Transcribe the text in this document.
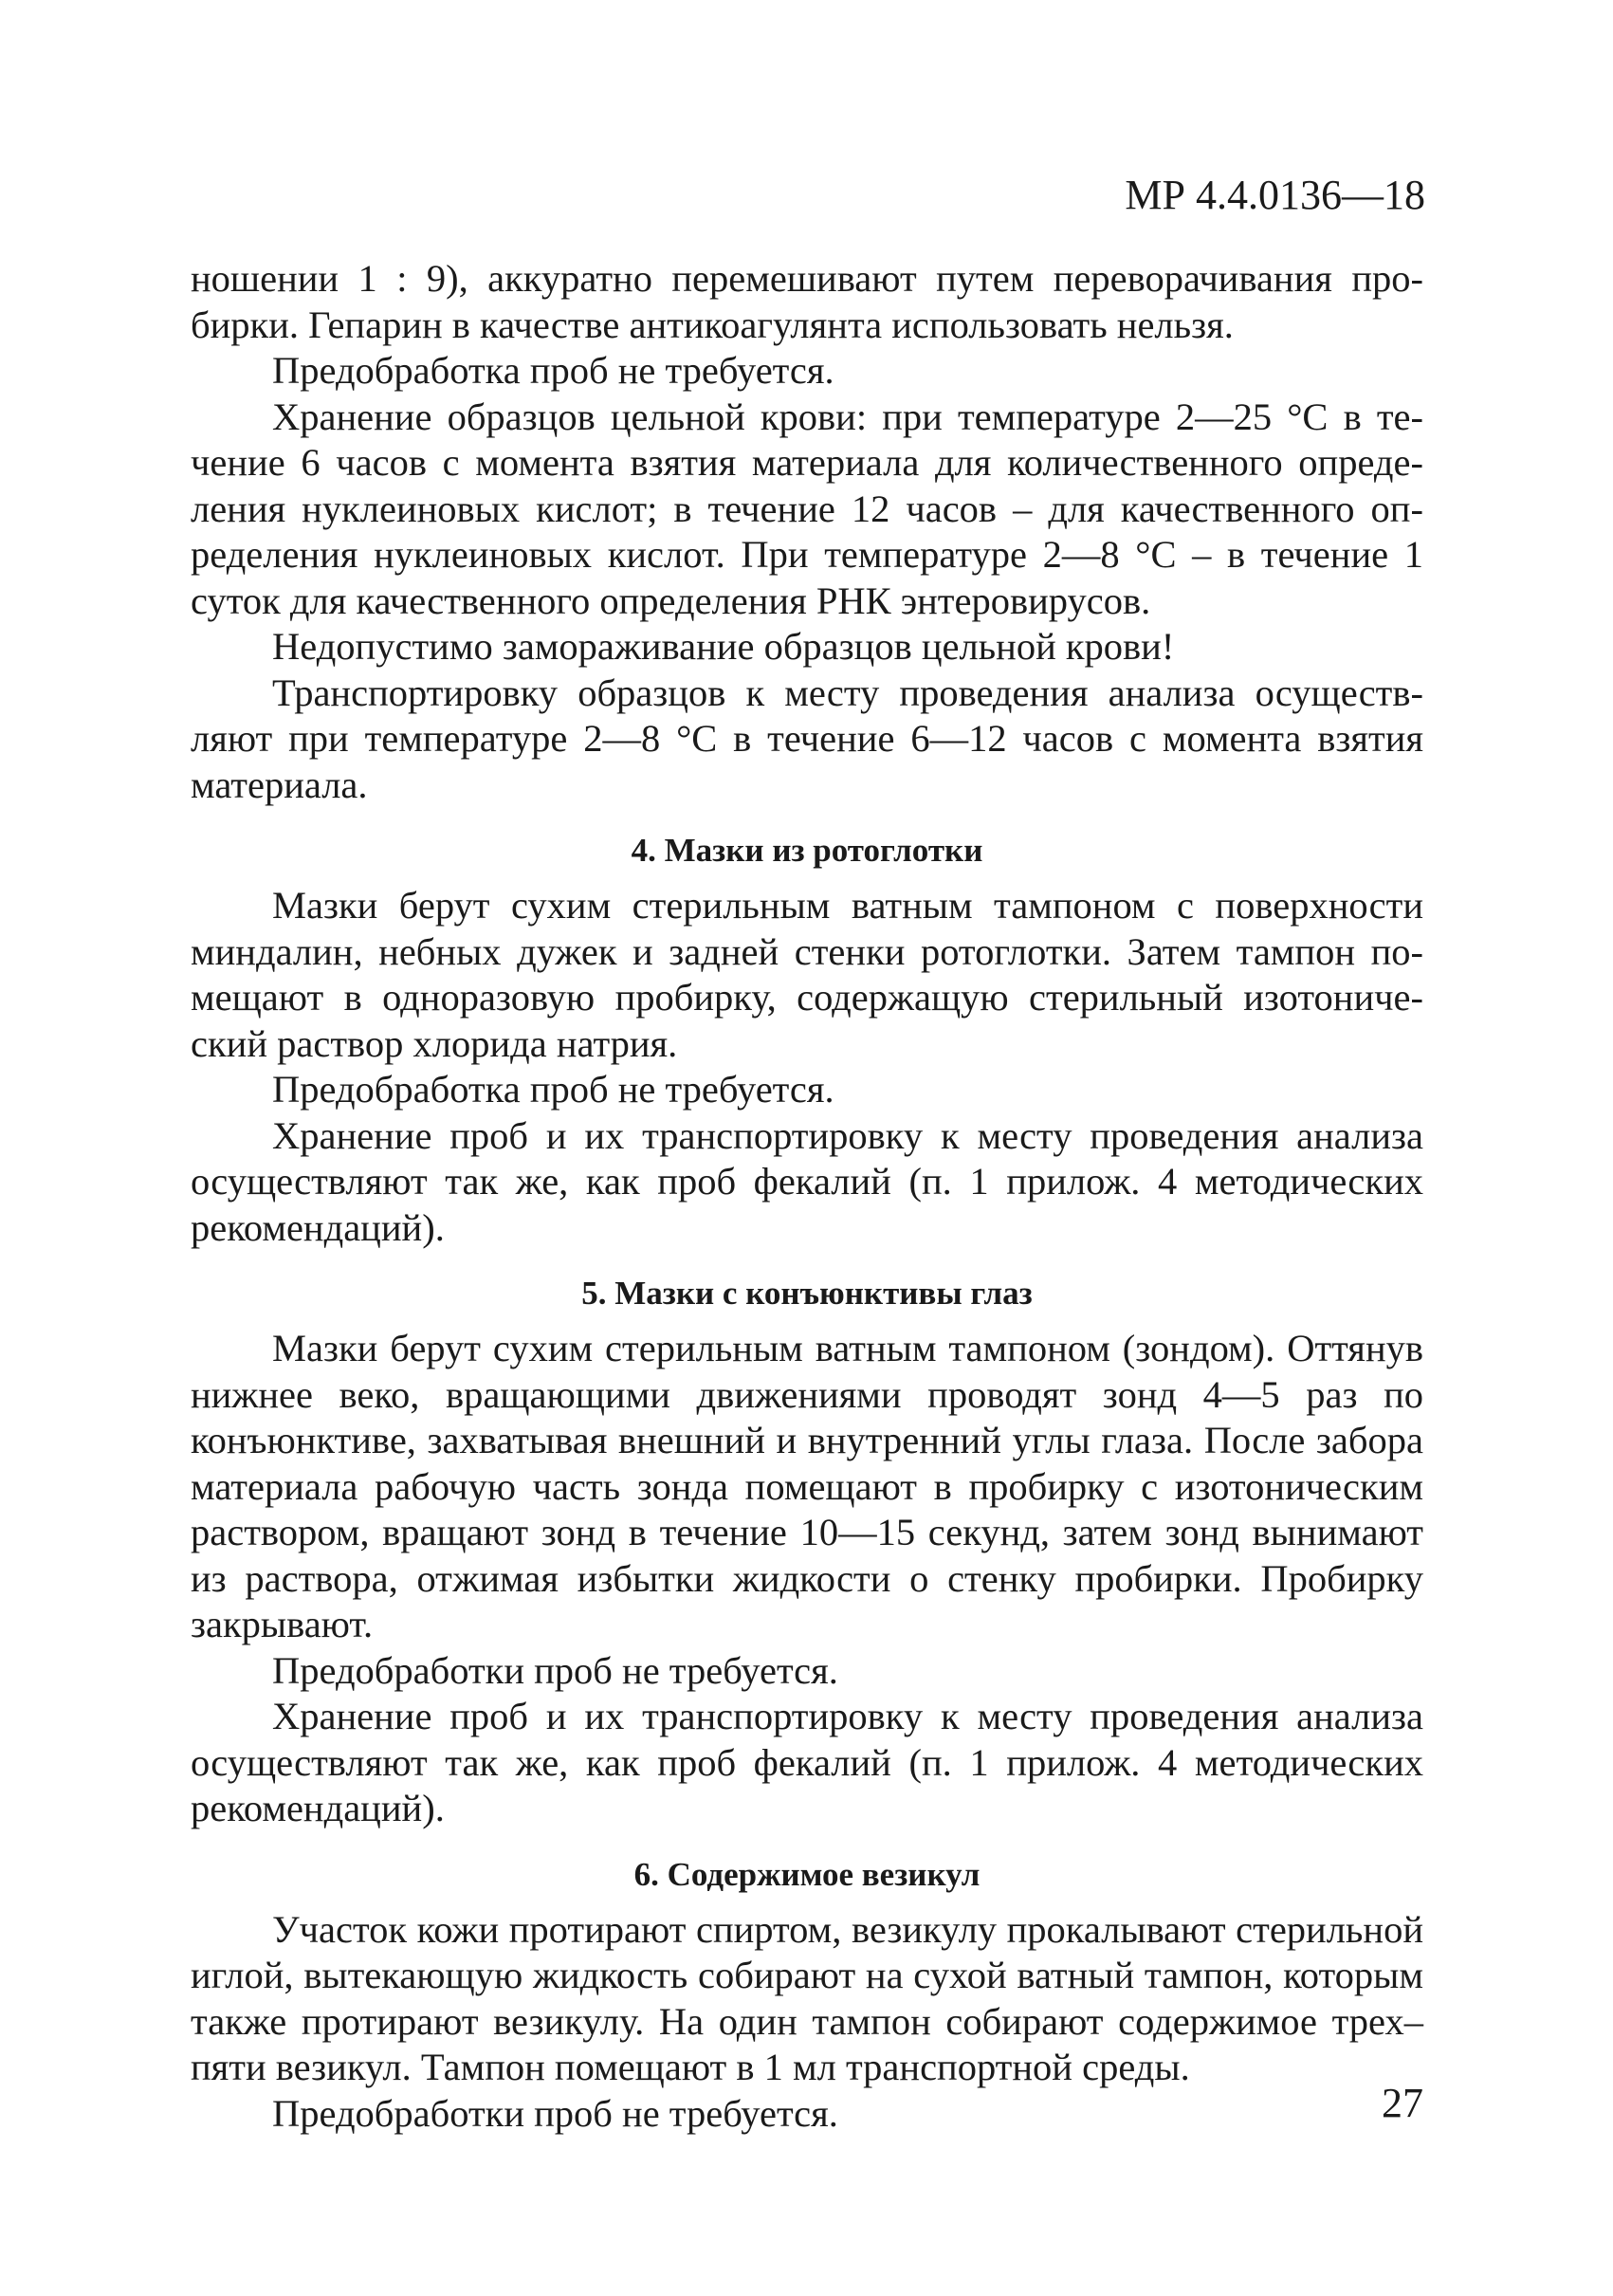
МР 4.4.0136—18

ношении 1 : 9), аккуратно перемешивают путем переворачивания пробирки. Гепарин в качестве антикоагулянта использовать нельзя.

Предобработка проб не требуется.

Хранение образцов цельной крови: при температуре 2—25 °С в течение 6 часов с момента взятия материала для количественного определения нуклеиновых кислот; в течение 12 часов – для качественного определения нуклеиновых кислот. При температуре 2—8 °С – в течение 1 суток для качественного определения РНК энтеровирусов.

Недопустимо замораживание образцов цельной крови!

Транспортировку образцов к месту проведения анализа осуществляют при температуре 2—8 °С в течение 6—12 часов с момента взятия материала.

4. Мазки из ротоглотки

Мазки берут сухим стерильным ватным тампоном с поверхности миндалин, небных дужек и задней стенки ротоглотки. Затем тампон помещают в одноразовую пробирку, содержащую стерильный изотонический раствор хлорида натрия.

Предобработка проб не требуется.

Хранение проб и их транспортировку к месту проведения анализа осуществляют так же, как проб фекалий (п. 1 прилож. 4 методических рекомендаций).

5. Мазки с конъюнктивы глаз

Мазки берут сухим стерильным ватным тампоном (зондом). Оттянув нижнее веко, вращающими движениями проводят зонд 4—5 раз по конъюнктиве, захватывая внешний и внутренний углы глаза. После забора материала рабочую часть зонда помещают в пробирку с изотоническим раствором, вращают зонд в течение 10—15 секунд, затем зонд вынимают из раствора, отжимая избытки жидкости о стенку пробирки. Пробирку закрывают.

Предобработки проб не требуется.

Хранение проб и их транспортировку к месту проведения анализа осуществляют так же, как проб фекалий (п. 1 прилож. 4 методических рекомендаций).

6. Содержимое везикул

Участок кожи протирают спиртом, везикулу прокалывают стерильной иглой, вытекающую жидкость собирают на сухой ватный тампон, которым также протирают везикулу. На один тампон собирают содержимое трех–пяти везикул. Тампон помещают в 1 мл транспортной среды.

Предобработки проб не требуется.	27
